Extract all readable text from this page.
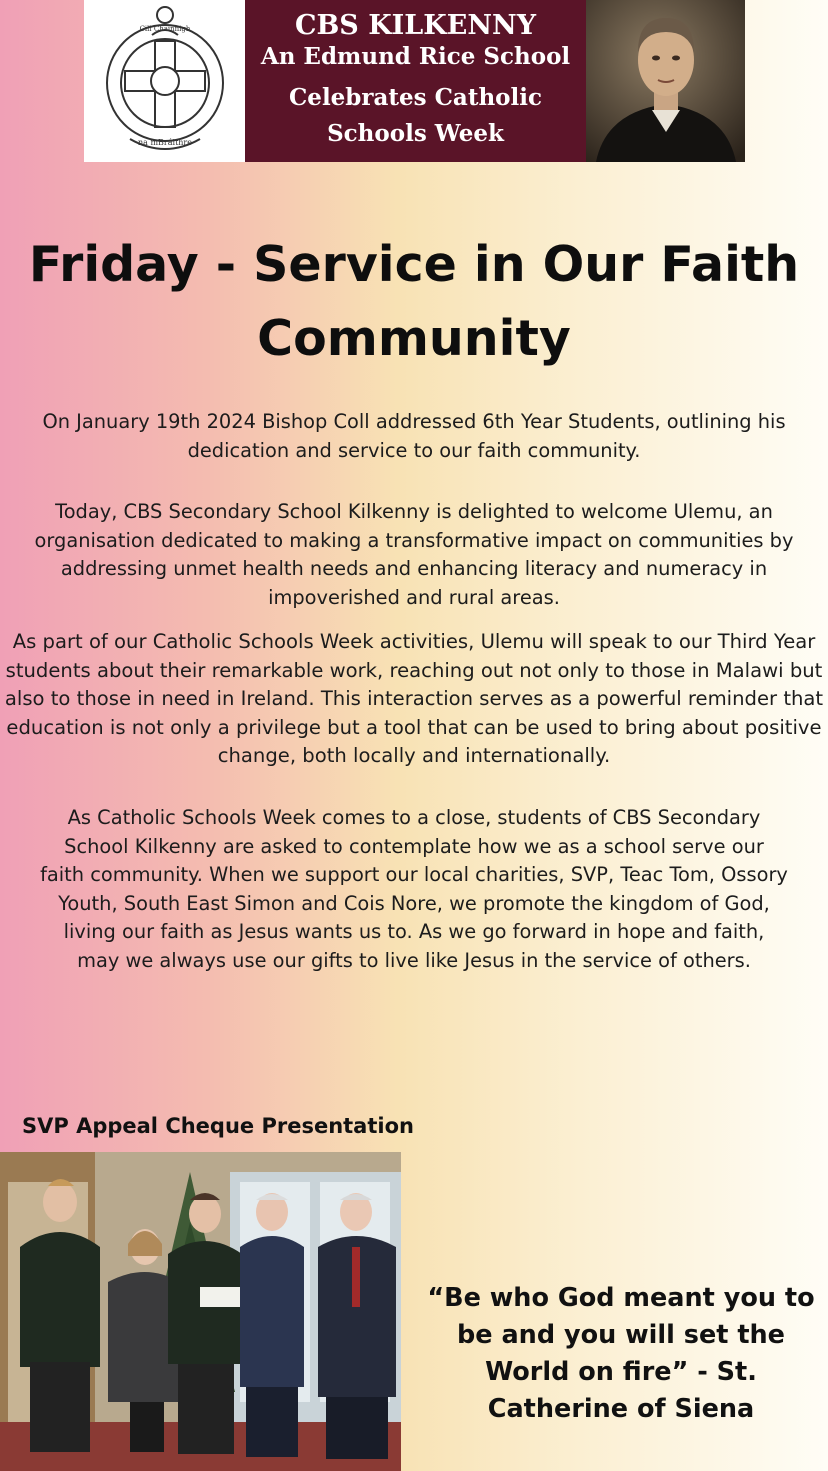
Cill Chainnigh
na mBráithre
CBS KILKENNY
An Edmund Rice School
Celebrates Catholic Schools Week
Friday - Service in Our Faith Community

On January 19th 2024 Bishop Coll addressed 6th Year Students, outlining his dedication and service to our faith community.

Today, CBS Secondary School Kilkenny is delighted to welcome Ulemu, an organisation dedicated to making a transformative impact on communities by addressing unmet health needs and enhancing literacy and numeracy in impoverished and rural areas.

As part of our Catholic Schools Week activities, Ulemu will speak to our Third Year students about their remarkable work, reaching out not only to those in Malawi but also to those in need in Ireland. This interaction serves as a powerful reminder that education is not only a privilege but a tool that can be used to bring about positive change, both locally and internationally.

As Catholic Schools Week comes to a close, students of CBS Secondary School Kilkenny are asked to contemplate how we as a school serve our faith community. When we support our local charities, SVP, Teac Tom, Ossory Youth, South East Simon and Cois Nore, we promote the kingdom of God, living our faith as Jesus wants us to. As we go forward in hope and faith, may we always use our gifts to live like Jesus in the service of others.

SVP Appeal Cheque Presentation

“Be who God meant you to be and you will set the World on fire” - St. Catherine of Siena
